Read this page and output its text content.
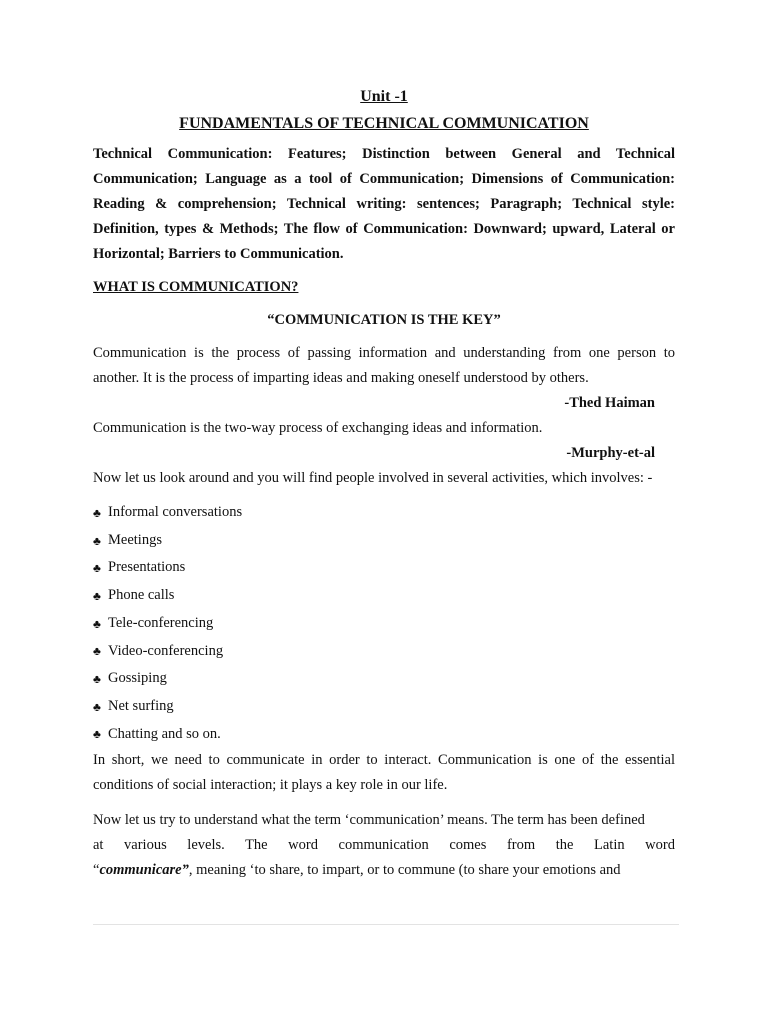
Unit -1

FUNDAMENTALS OF TECHNICAL COMMUNICATION

Technical Communication: Features; Distinction between General and Technical Communication; Language as a tool of Communication; Dimensions of Communication: Reading & comprehension; Technical writing: sentences; Paragraph; Technical style: Definition, types & Methods; The flow of Communication: Downward; upward, Lateral or Horizontal; Barriers to Communication.

WHAT IS COMMUNICATION?

“COMMUNICATION IS THE KEY”

Communication is the process of passing information and understanding from one person to another. It is the process of imparting ideas and making oneself understood by others.

-Thed Haiman

Communication is the two-way process of exchanging ideas and information.

-Murphy-et-al

Now let us look around and you will find people involved in several activities, which involves: -

♣ Informal conversations
♣ Meetings
♣ Presentations
♣ Phone calls
♣ Tele-conferencing
♣ Video-conferencing
♣ Gossiping
♣ Net surfing
♣ Chatting and so on.

In short, we need to communicate in order to interact. Communication is one of the essential conditions of social interaction; it plays a key role in our life.

Now let us try to understand what the term ‘communication’ means. The term has been defined
at various levels. The word communication comes from the Latin word
“communicare”, meaning ‘to share, to impart, or to commune (to share your emotions and
